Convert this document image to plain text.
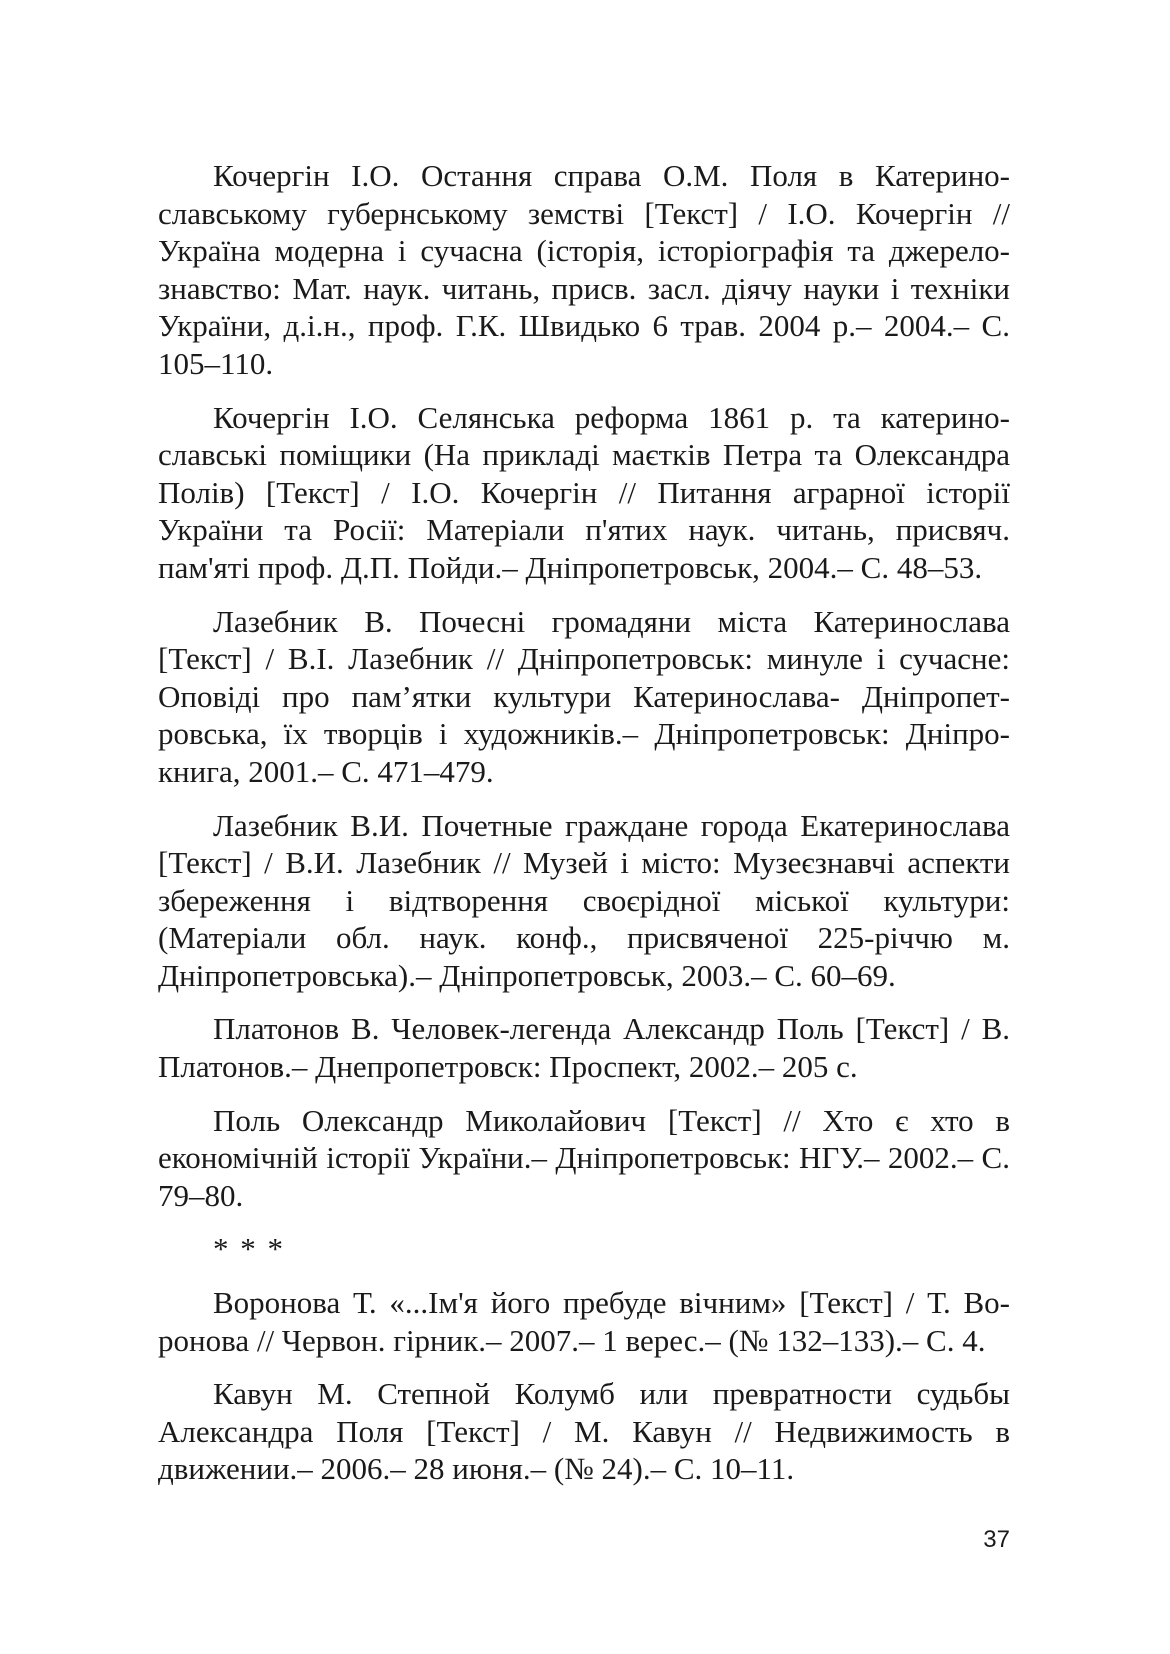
Кочергін І.О. Остання справа О.М. Поля в Катеринославському губернському земстві [Текст] / І.О. Кочергін // Україна модерна і сучасна (історія, історіографія та джерелознавство: Мат. наук. читань, присв. засл. діячу науки і техніки України, д.і.н., проф. Г.К. Швидько 6 трав. 2004 р.– 2004.– С. 105–110.

Кочергін І.О. Селянська реформа 1861 р. та катеринославські поміщики (На прикладі маєтків Петра та Олександра Полів) [Текст] / І.О. Кочергін // Питання аграрної історії України та Росії: Матеріали п'ятих наук. читань, присвяч. пам'яті проф. Д.П. Пойди.– Дніпропетровськ, 2004.– С. 48–53.

Лазебник В. Почесні громадяни міста Катеринослава [Текст] / В.І. Лазебник // Дніпропетровськ: минуле і сучасне: Оповіді про пам’ятки культури Катеринослава- Дніпропетровська, їх творців і художників.– Дніпропетровськ: Дніпрокнига, 2001.– С. 471–479.

Лазебник В.И. Почетные граждане города Екатеринослава [Текст] / В.И. Лазебник // Музей і місто: Музеєзнавчі аспекти збереження і відтворення своєрідної міської культури: (Матеріали обл. наук. конф., присвяченої 225-річчю м. Дніпропетровська).– Дніпропетровськ, 2003.– С. 60–69.

Платонов В. Человек-легенда Александр Поль [Текст] / В. Платонов.– Днепропетровск: Проспект, 2002.– 205 с.

Поль Олександр Миколайович [Текст] // Хто є хто в економічній історії України.– Дніпропетровськ: НГУ.– 2002.– С. 79–80.

* * *

Воронова Т. «...Ім'я його пребуде вічним» [Текст] / Т. Воронова // Червон. гірник.– 2007.– 1 верес.– (№ 132–133).– С. 4.

Кавун М. Степной Колумб или превратности судьбы Александра Поля [Текст] / М. Кавун // Недвижимость в движении.– 2006.– 28 июня.– (№ 24).– С. 10–11.

37
